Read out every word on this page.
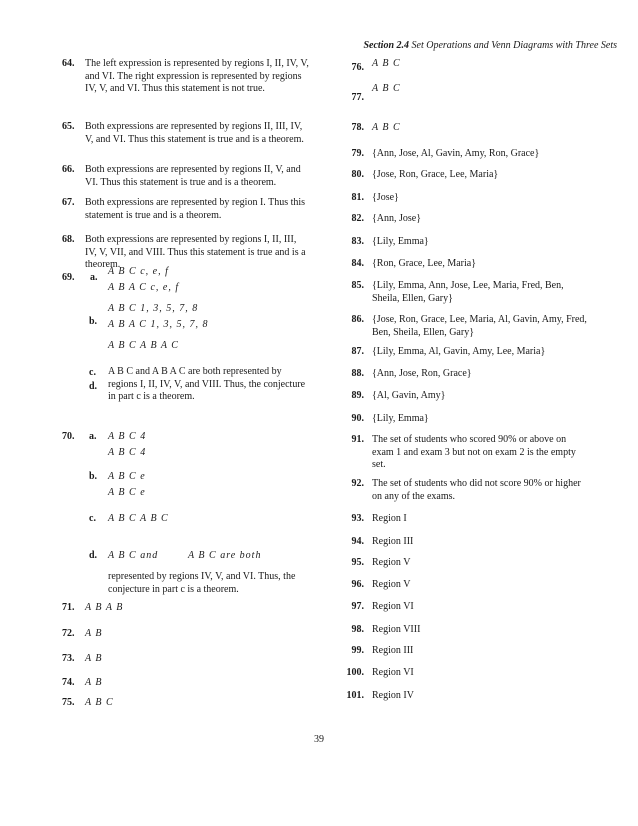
Section 2.4 Set Operations and Venn Diagrams with Three Sets
64. The left expression is represented by regions I, II, IV, V, and VI. The right expression is represented by regions IV, V, and VI. Thus this statement is not true.
65. Both expressions are represented by regions II, III, IV, V, and VI. Thus this statement is true and is a theorem.
66. Both expressions are represented by regions II, V, and VI. Thus this statement is true and is a theorem.
67. Both expressions are represented by region I. Thus this statement is true and is a theorem.
68. Both expressions are represented by regions I, II, III, IV, V, VII, and VIII. Thus this statement is true and is a theorem.
69. a.
A B C c, e, f
A B A C c, e, f
b.
A B C 1, 3, 5, 7, 8
A B A C 1, 3, 5, 7, 8
A B C A B A C
c.
d.
A B C and A B A C are both represented by regions I, II, IV, V, and VIII. Thus, the conjecture in part c is a theorem.
70. a. A B C 4
A B C 4
b. A B C e
A B C e
c. A B C A B C
d. A B C and	A B C are both
represented by regions IV, V, and VI. Thus, the conjecture in part c is a theorem.
71. A B A B
72. A B
73. A B
74. A B
75. A B C
76. A B C
77.
A B C
78. A B C
79. {Ann, Jose, Al, Gavin, Amy, Ron, Grace}
80. {Jose, Ron, Grace, Lee, Maria}
81. {Jose}
82. {Ann, Jose}
83. {Lily, Emma}
84. {Ron, Grace, Lee, Maria}
85. {Lily, Emma, Ann, Jose, Lee, Maria, Fred, Ben, Sheila, Ellen, Gary}
86. {Jose, Ron, Grace, Lee, Maria, Al, Gavin, Amy, Fred, Ben, Sheila, Ellen, Gary}
87. {Lily, Emma, Al, Gavin, Amy, Lee, Maria}
88. {Ann, Jose, Ron, Grace}
89. {Al, Gavin, Amy}
90. {Lily, Emma}
91. The set of students who scored 90% or above on exam 1 and exam 3 but not on exam 2 is the empty set.
92. The set of students who did not score 90% or higher on any of the exams.
93. Region I
94. Region III
95. Region V
96. Region V
97. Region VI
98. Region VIII
99. Region III
100. Region VI
101. Region IV
39
